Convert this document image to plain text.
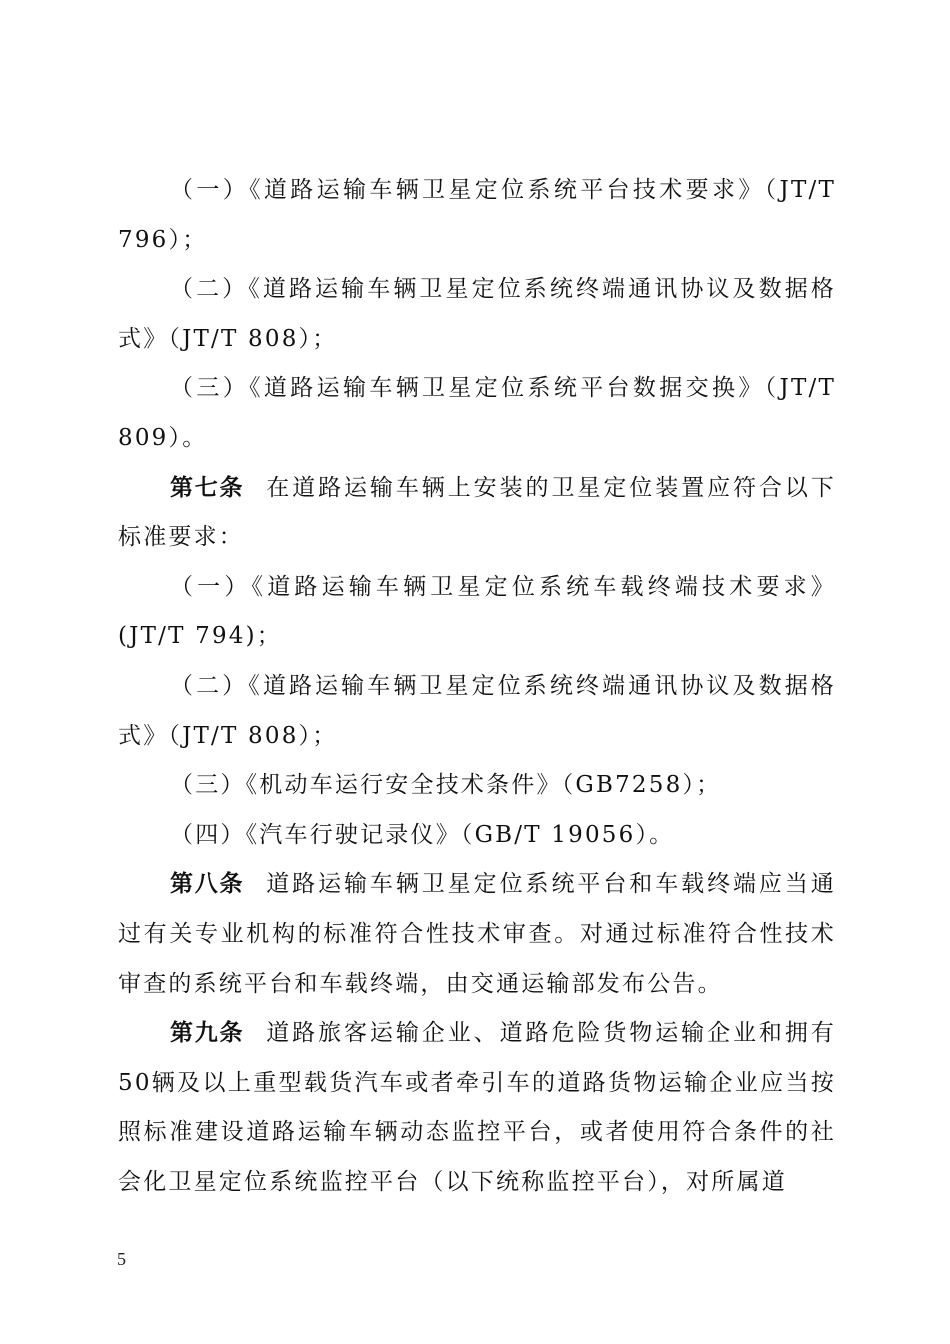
（一）《道路运输车辆卫星定位系统平台技术要求》（JT/T 796）；

（二）《道路运输车辆卫星定位系统终端通讯协议及数据格式》（JT/T 808）；

（三）《道路运输车辆卫星定位系统平台数据交换》（JT/T 809）。

第七条 在道路运输车辆上安装的卫星定位装置应符合以下标准要求：

（一）《道路运输车辆卫星定位系统车载终端技术要求》(JT/T 794)；

（二）《道路运输车辆卫星定位系统终端通讯协议及数据格式》（JT/T 808）；

（三）《机动车运行安全技术条件》（GB7258）；

（四）《汽车行驶记录仪》（GB/T 19056）。

第八条 道路运输车辆卫星定位系统平台和车载终端应当通过有关专业机构的标准符合性技术审查。对通过标准符合性技术审查的系统平台和车载终端，由交通运输部发布公告。

第九条 道路旅客运输企业、道路危险货物运输企业和拥有50辆及以上重型载货汽车或者牵引车的道路货物运输企业应当按照标准建设道路运输车辆动态监控平台，或者使用符合条件的社会化卫星定位系统监控平台（以下统称监控平台），对所属道

5
